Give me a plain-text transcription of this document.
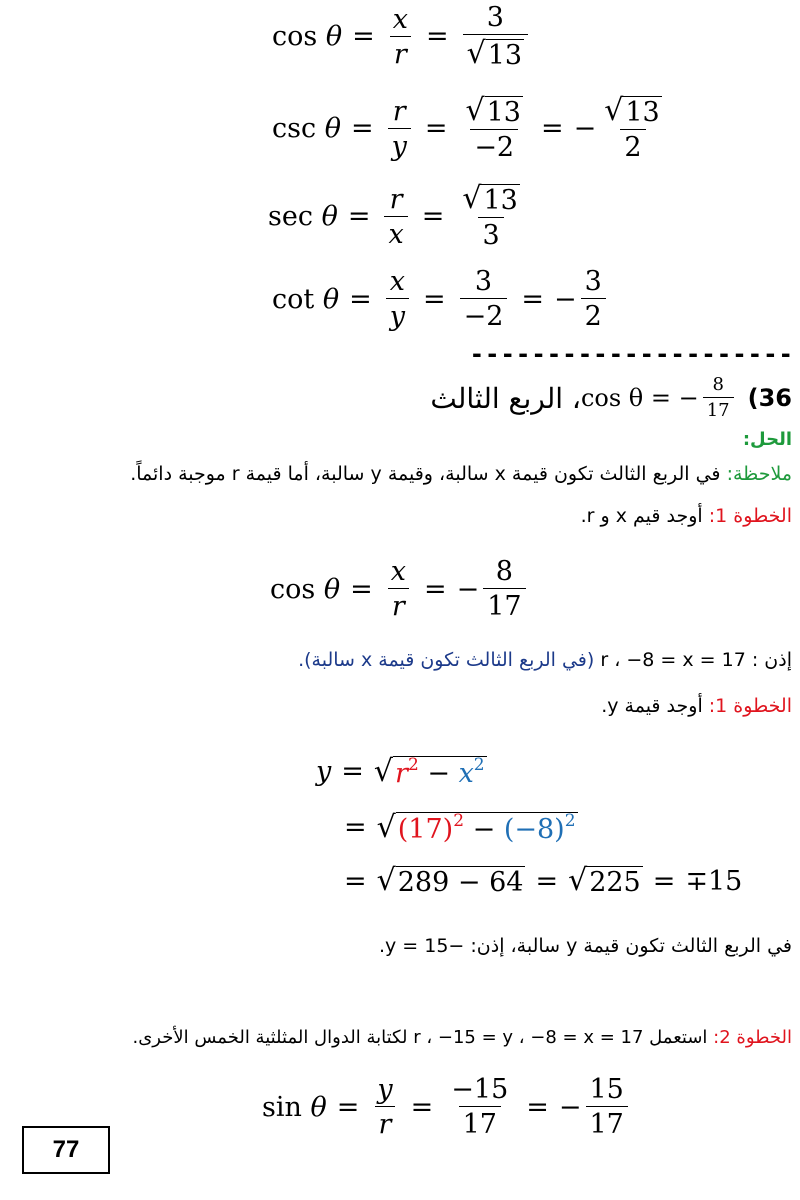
cos
$\theta = \frac{x}{r} = \frac{3}{√ 13}$
csc
$\theta = \frac{r}{y} = \frac{√ 13}{-2}$ = − $\frac{√ 13}{2}$
sec
$\theta = \frac{r}{x} = \frac{√ 13}{3}$
cot
$\theta = \frac{x}{y} = \frac{3}{-2}$ = − $\frac{3}{2}$
---------------------
(36
cos θ = − $\frac{8}{17}$
، الربع الثالث
الحل:
ملاحظة: في الربع الثالث تكون قيمة x سالبة، وقيمة y سالبة، أما قيمة r موجبة دائماً.
الخطوة 1: أوجد قيم x و r.
cos
$\theta = \frac{x}{r}$ = − $\frac{8}{17}$
إذن : 17 = r ، −8 = x (في الربع الثالث تكون قيمة x سالبة).
الخطوة 1: أوجد قيمة y.
y = √ $r^2 - x^2$
= √ $(17)^2 - (-8)^2$
= √ 289 − 64 = √ 225 = ∓15
في الربع الثالث تكون قيمة y سالبة، إذن: −15 = y.
الخطوة 2: استعمل 17 = r ، −15 = y ، −8 = x لكتابة الدوال المثلثية الخمس الأخرى.
sin
$\theta = \frac{y}{r} = \frac{-15}{17}$ = − $\frac{15}{17}$
77
